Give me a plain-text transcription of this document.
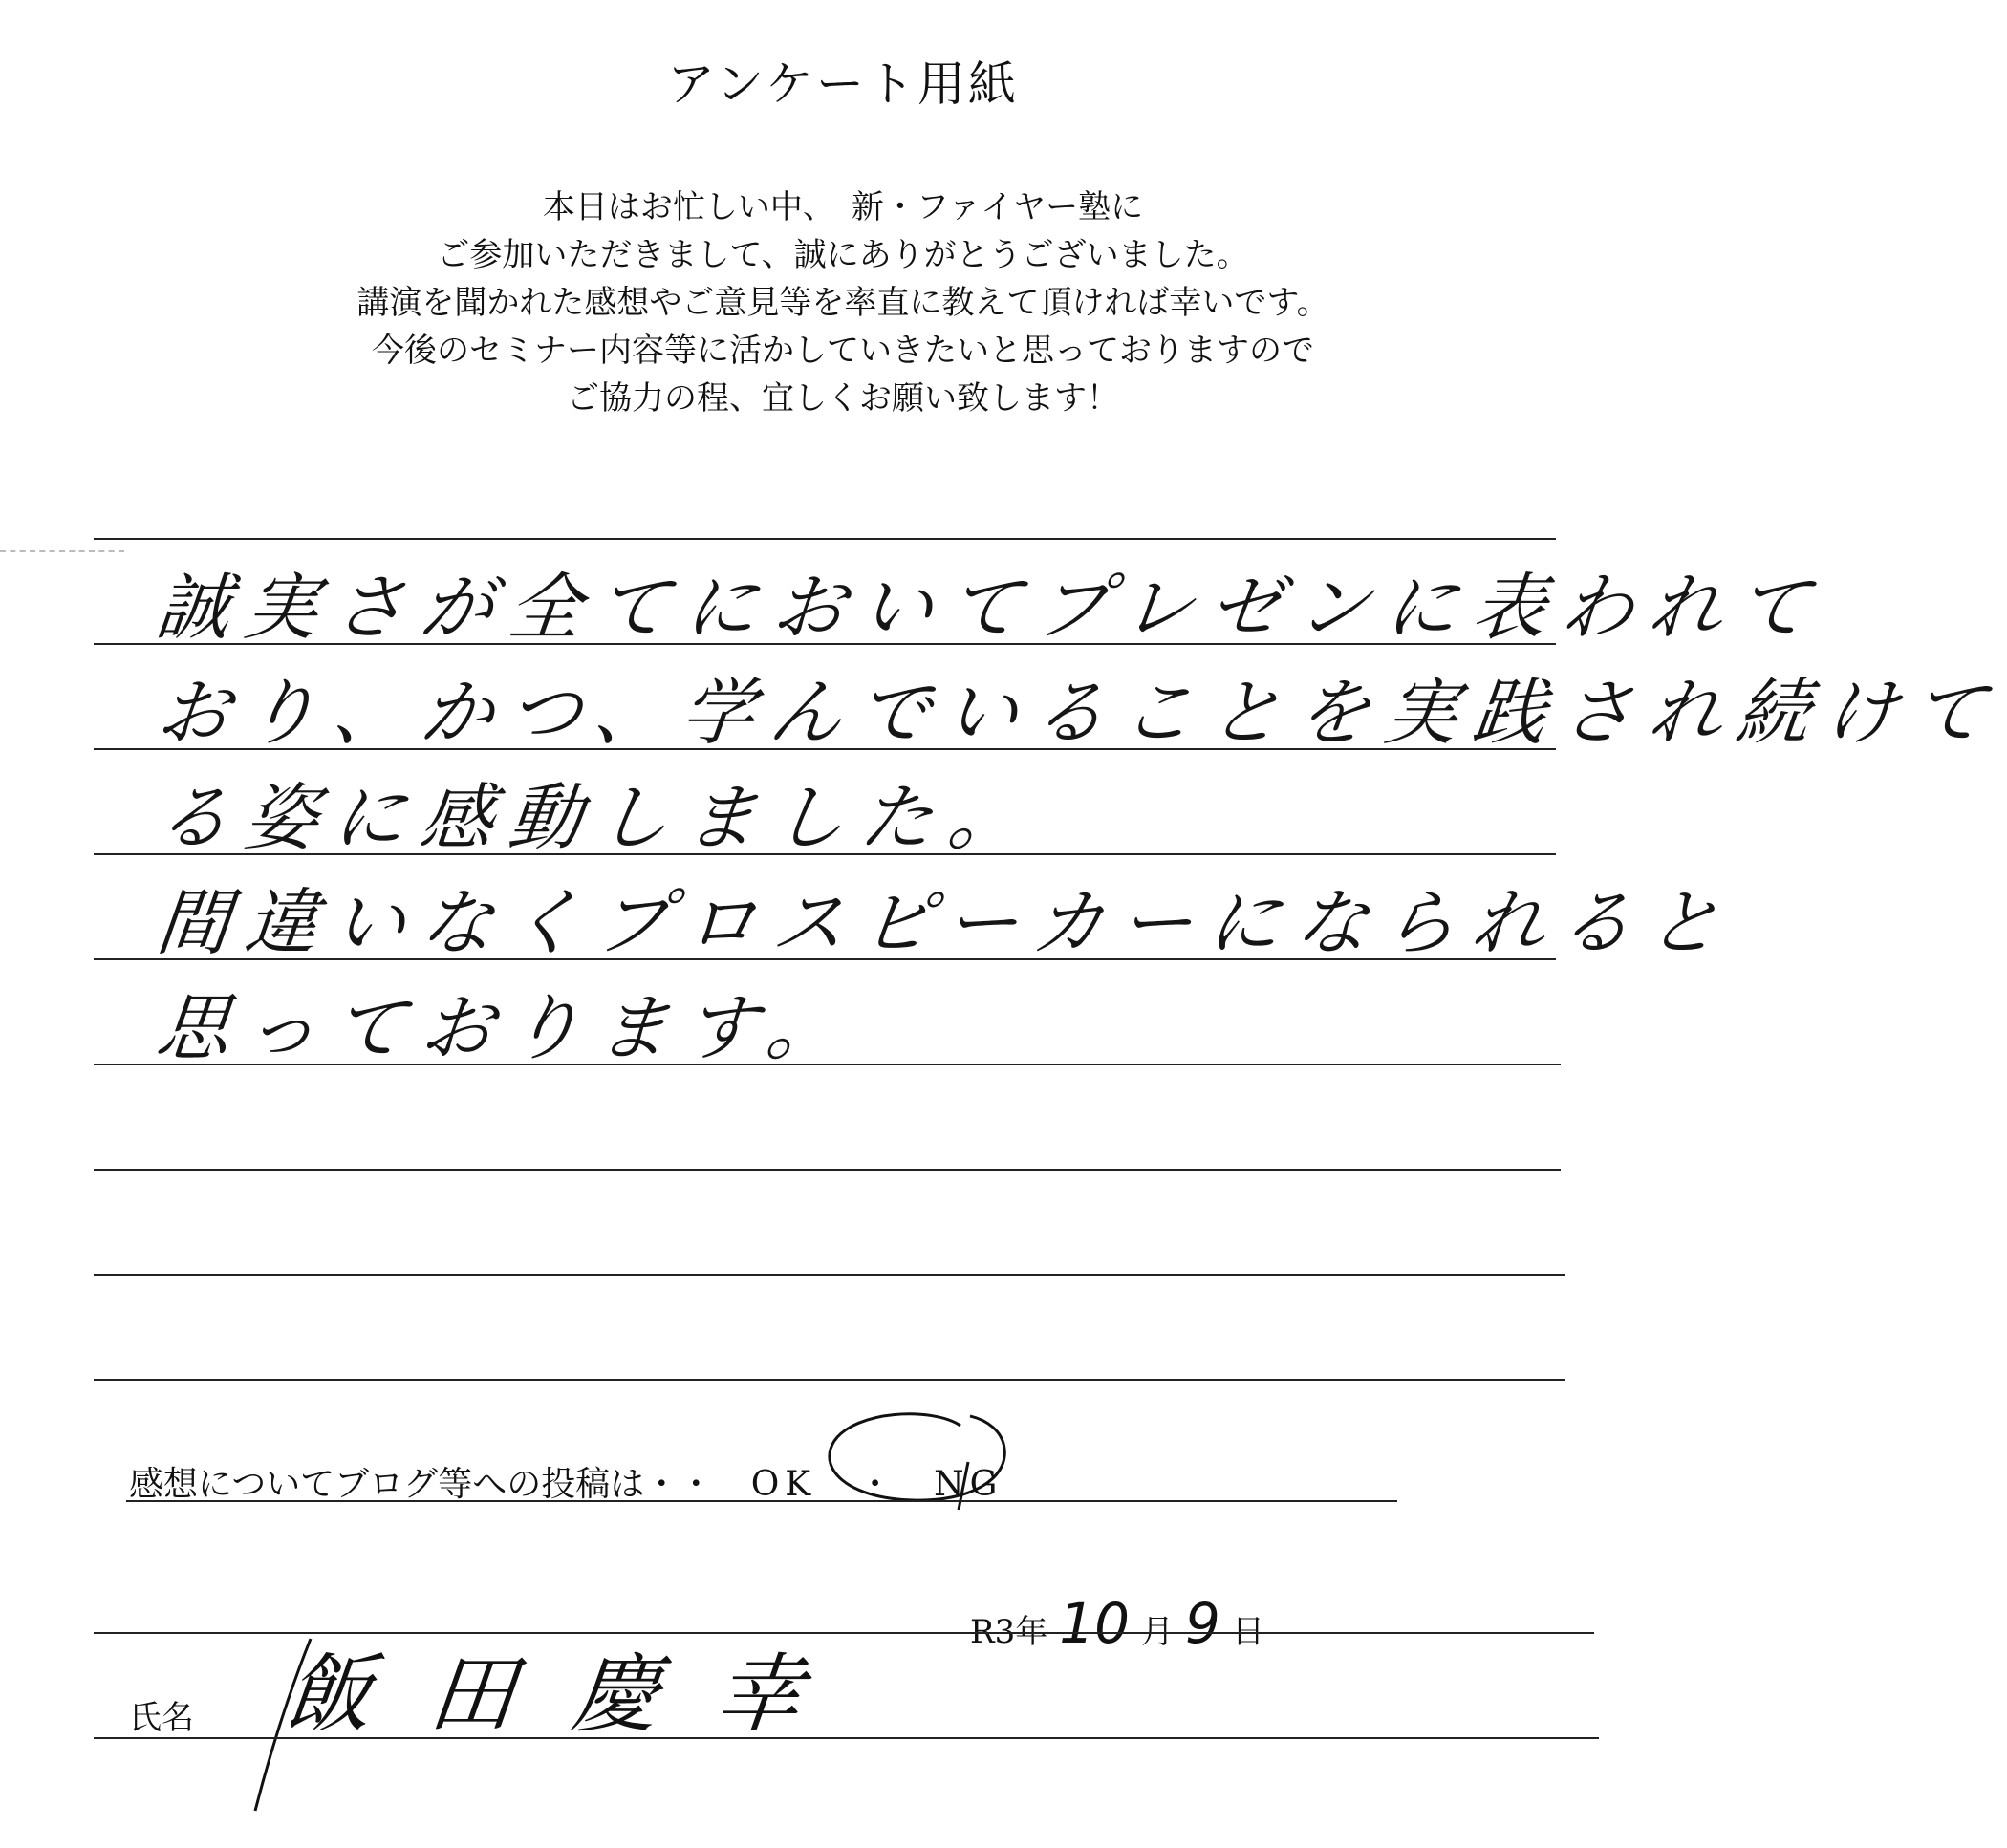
アンケート用紙
本日はお忙しい中、　新・ファイヤー塾に
ご参加いただきまして、誠にありがとうございました。
講演を聞かれた感想やご意見等を率直に教えて頂ければ幸いです。
今後のセミナー内容等に活かしていきたいと思っておりますので
ご協力の程、宜しくお願い致します！
誠実さが全てにおいてプレゼンに表われて
おり、かつ、学んでいることを実践され続けて
る姿に感動しました。
間違いなくプロスピーカーになられると
思っております。
感想についてブログ等への投稿は・・ OK ・ NG
R3年 10 月 9 日
氏名 飯田慶幸
